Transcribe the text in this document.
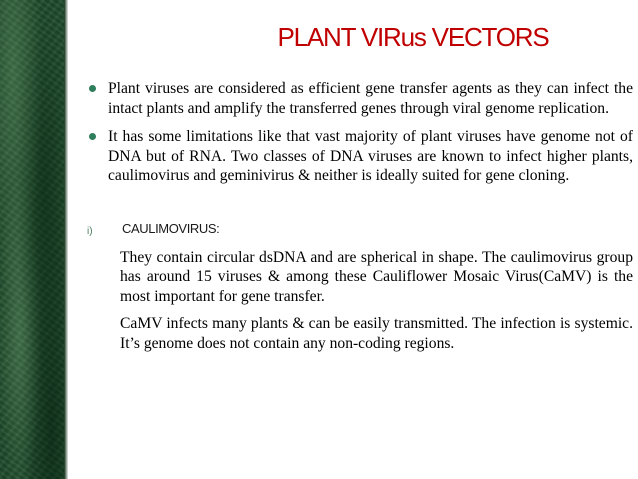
PLANT VIRus VECTORS
Plant viruses are considered as efficient gene transfer agents as they can infect the intact plants and amplify the transferred genes through viral genome replication.
It has some limitations like that vast majority of plant viruses have genome not of DNA but of RNA. Two classes of DNA viruses are known to infect higher plants, caulimovirus and geminivirus & neither is ideally suited for gene cloning.
i) CAULIMOVIRUS:
They contain circular dsDNA and are spherical in shape. The caulimovirus group has around 15 viruses & among these Cauliflower Mosaic Virus(CaMV) is the most important for gene transfer.
CaMV infects many plants & can be easily transmitted. The infection is systemic. It’s genome does not contain any non-coding regions.
